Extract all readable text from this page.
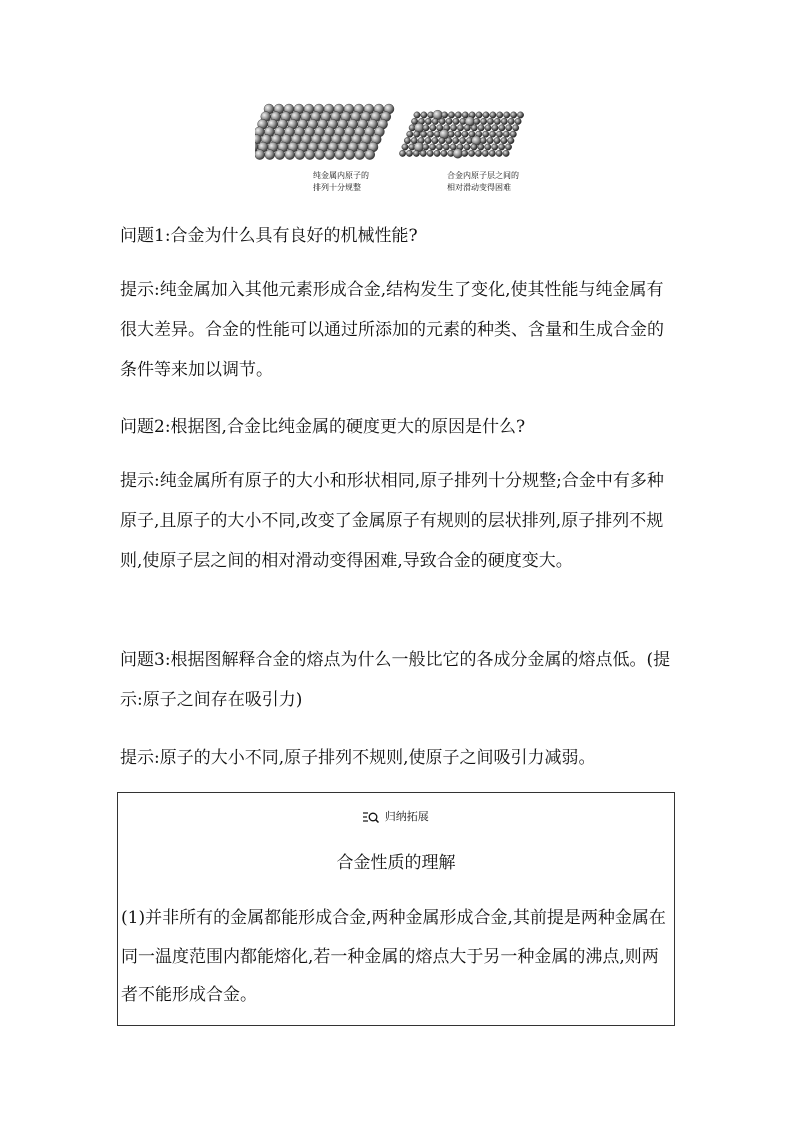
纯金属内原子的
排列十分规整
合金内原子层之间的
相对滑动变得困难

问题1:合金为什么具有良好的机械性能?

提示:纯金属加入其他元素形成合金,结构发生了变化,使其性能与纯金属有很大差异。合金的性能可以通过所添加的元素的种类、含量和生成合金的条件等来加以调节。

问题2:根据图,合金比纯金属的硬度更大的原因是什么?

提示:纯金属所有原子的大小和形状相同,原子排列十分规整;合金中有多种原子,且原子的大小不同,改变了金属原子有规则的层状排列,原子排列不规则,使原子层之间的相对滑动变得困难,导致合金的硬度变大。

问题3:根据图解释合金的熔点为什么一般比它的各成分金属的熔点低。(提示:原子之间存在吸引力)

提示:原子的大小不同,原子排列不规则,使原子之间吸引力减弱。

归纳拓展
合金性质的理解

(1)并非所有的金属都能形成合金,两种金属形成合金,其前提是两种金属在同一温度范围内都能熔化,若一种金属的熔点大于另一种金属的沸点,则两者不能形成合金。
